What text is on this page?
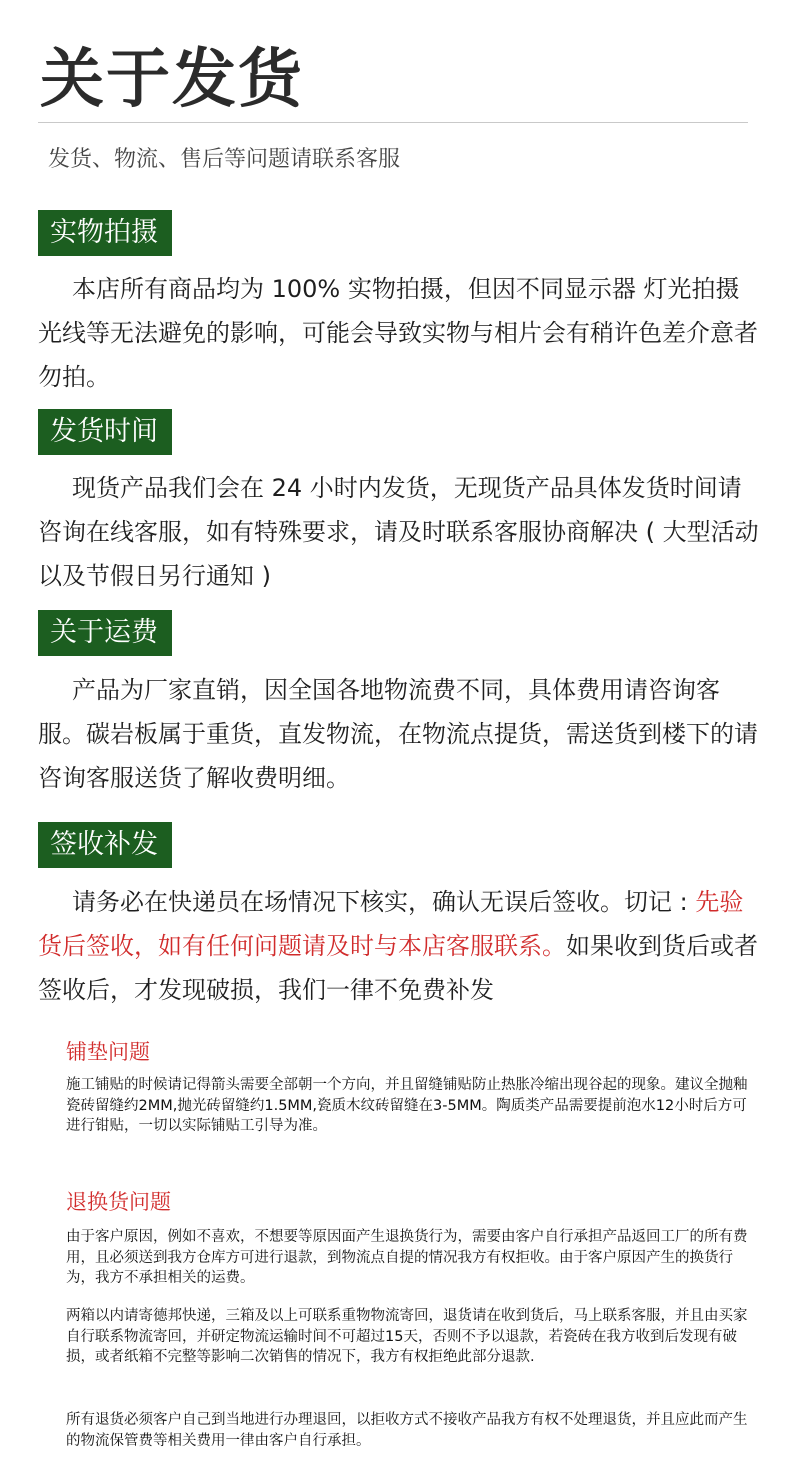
关于发货
发货、物流、售后等问题请联系客服
实物拍摄

本店所有商品均为 100% 实物拍摄，但因不同显示器 灯光拍摄光线等无法避免的影响，可能会导致实物与相片会有稍许色差介意者勿拍。

发货时间

现货产品我们会在 24 小时内发货，无现货产品具体发货时间请咨询在线客服，如有特殊要求，请及时联系客服协商解决 ( 大型活动以及节假日另行通知 )

关于运费

产品为厂家直销，因全国各地物流费不同，具体费用请咨询客服。碳岩板属于重货，直发物流，在物流点提货，需送货到楼下的请咨询客服送货了解收费明细。

签收补发

请务必在快递员在场情况下核实，确认无误后签收。切记 : 先验货后签收，如有任何问题请及时与本店客服联系。如果收到货后或者签收后，才发现破损，我们一律不免费补发

铺垫问题

施工铺贴的时候请记得箭头需要全部朝一个方向，并且留缝铺贴防止热胀冷缩出现谷起的现象。建议全抛釉瓷砖留缝约2MM,抛光砖留缝约1.5MM,瓷质木纹砖留缝在3-5MM。陶质类产品需要提前泡水12小时后方可进行钳贴，一切以实际铺贴工引导为准。

退换货问题

由于客户原因，例如不喜欢，不想要等原因面产生退换货行为，需要由客户自行承担产品返回工厂的所有费用，且必须送到我方仓库方可进行退款，到物流点自提的情况我方有权拒收。由于客户原因产生的换货行为，我方不承担相关的运费。

两箱以内请寄德邦快递，三箱及以上可联系重物物流寄回，退货请在收到货后，马上联系客服，并且由买家自行联系物流寄回，并研定物流运输时间不可超过15天，否则不予以退款，若瓷砖在我方收到后发现有破损，或者纸箱不完整等影响二次销售的情况下，我方有权拒绝此部分退款.

所有退货必须客户自己到当地进行办理退回，以拒收方式不接收产品我方有权不处理退货，并且应此而产生的物流保管费等相关费用一律由客户自行承担。
